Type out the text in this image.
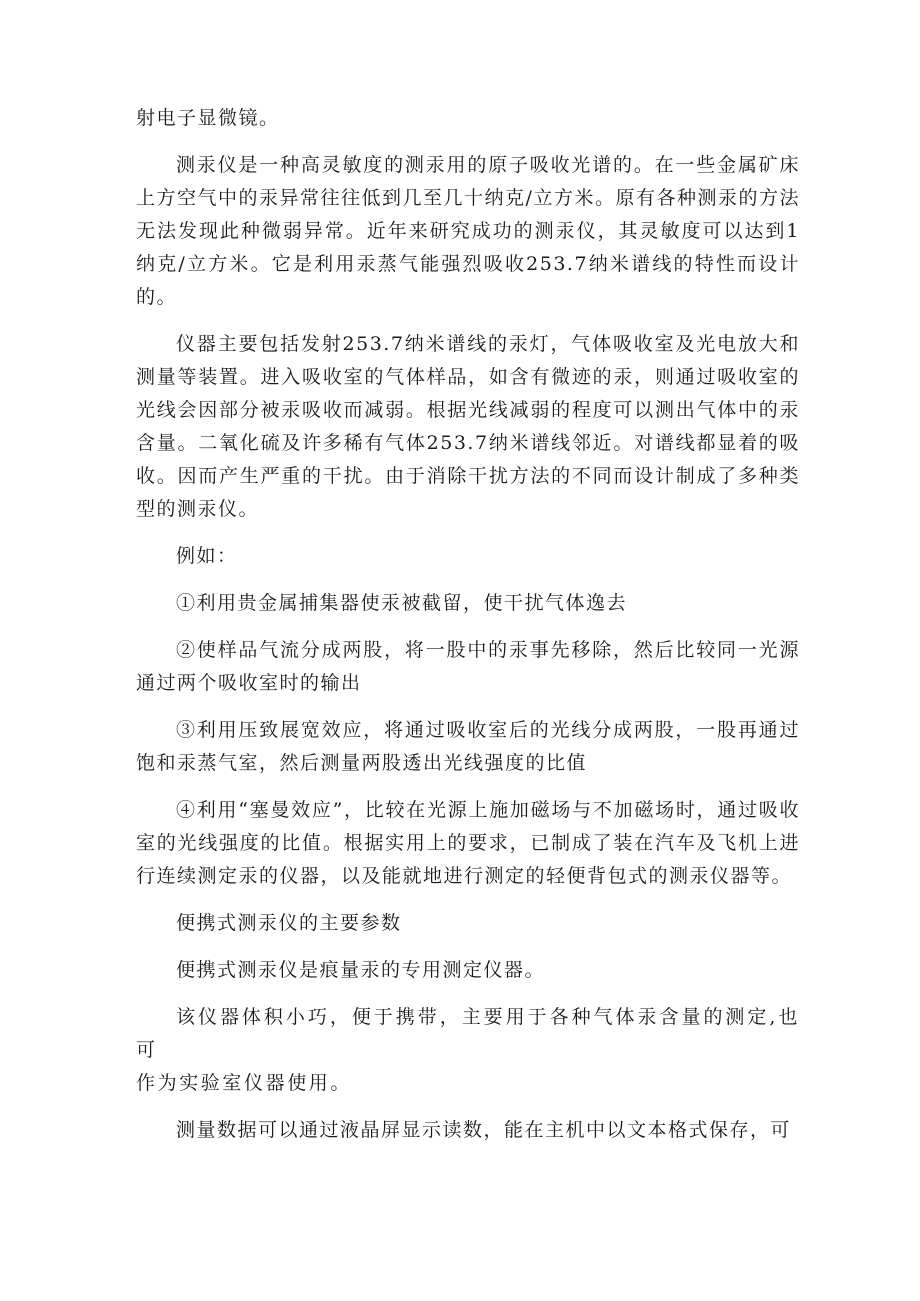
射电子显微镜。

测汞仪是一种高灵敏度的测汞用的原子吸收光谱的。在一些金属矿床上方空气中的汞异常往往低到几至几十纳克/立方米。原有各种测汞的方法无法发现此种微弱异常。近年来研究成功的测汞仪，其灵敏度可以达到1纳克/立方米。它是利用汞蒸气能强烈吸收253.7纳米谱线的特性而设计的。

仪器主要包括发射253.7纳米谱线的汞灯，气体吸收室及光电放大和测量等装置。进入吸收室的气体样品，如含有微迹的汞，则通过吸收室的光线会因部分被汞吸收而减弱。根据光线减弱的程度可以测出气体中的汞含量。二氧化硫及许多稀有气体253.7纳米谱线邻近。对谱线都显着的吸收。因而产生严重的干扰。由于消除干扰方法的不同而设计制成了多种类型的测汞仪。

例如：

①利用贵金属捕集器使汞被截留，使干扰气体逸去

②使样品气流分成两股，将一股中的汞事先移除，然后比较同一光源通过两个吸收室时的输出

③利用压致展宽效应，将通过吸收室后的光线分成两股，一股再通过饱和汞蒸气室，然后测量两股透出光线强度的比值

④利用“塞曼效应”，比较在光源上施加磁场与不加磁场时，通过吸收室的光线强度的比值。根据实用上的要求，已制成了装在汽车及飞机上进行连续测定汞的仪器，以及能就地进行测定的轻便背包式的测汞仪器等。

便携式测汞仪的主要参数

便携式测汞仪是痕量汞的专用测定仪器。

该仪器体积小巧，便于携带，主要用于各种气体汞含量的测定,也可
作为实验室仪器使用。

测量数据可以通过液晶屏显示读数，能在主机中以文本格式保存，可
